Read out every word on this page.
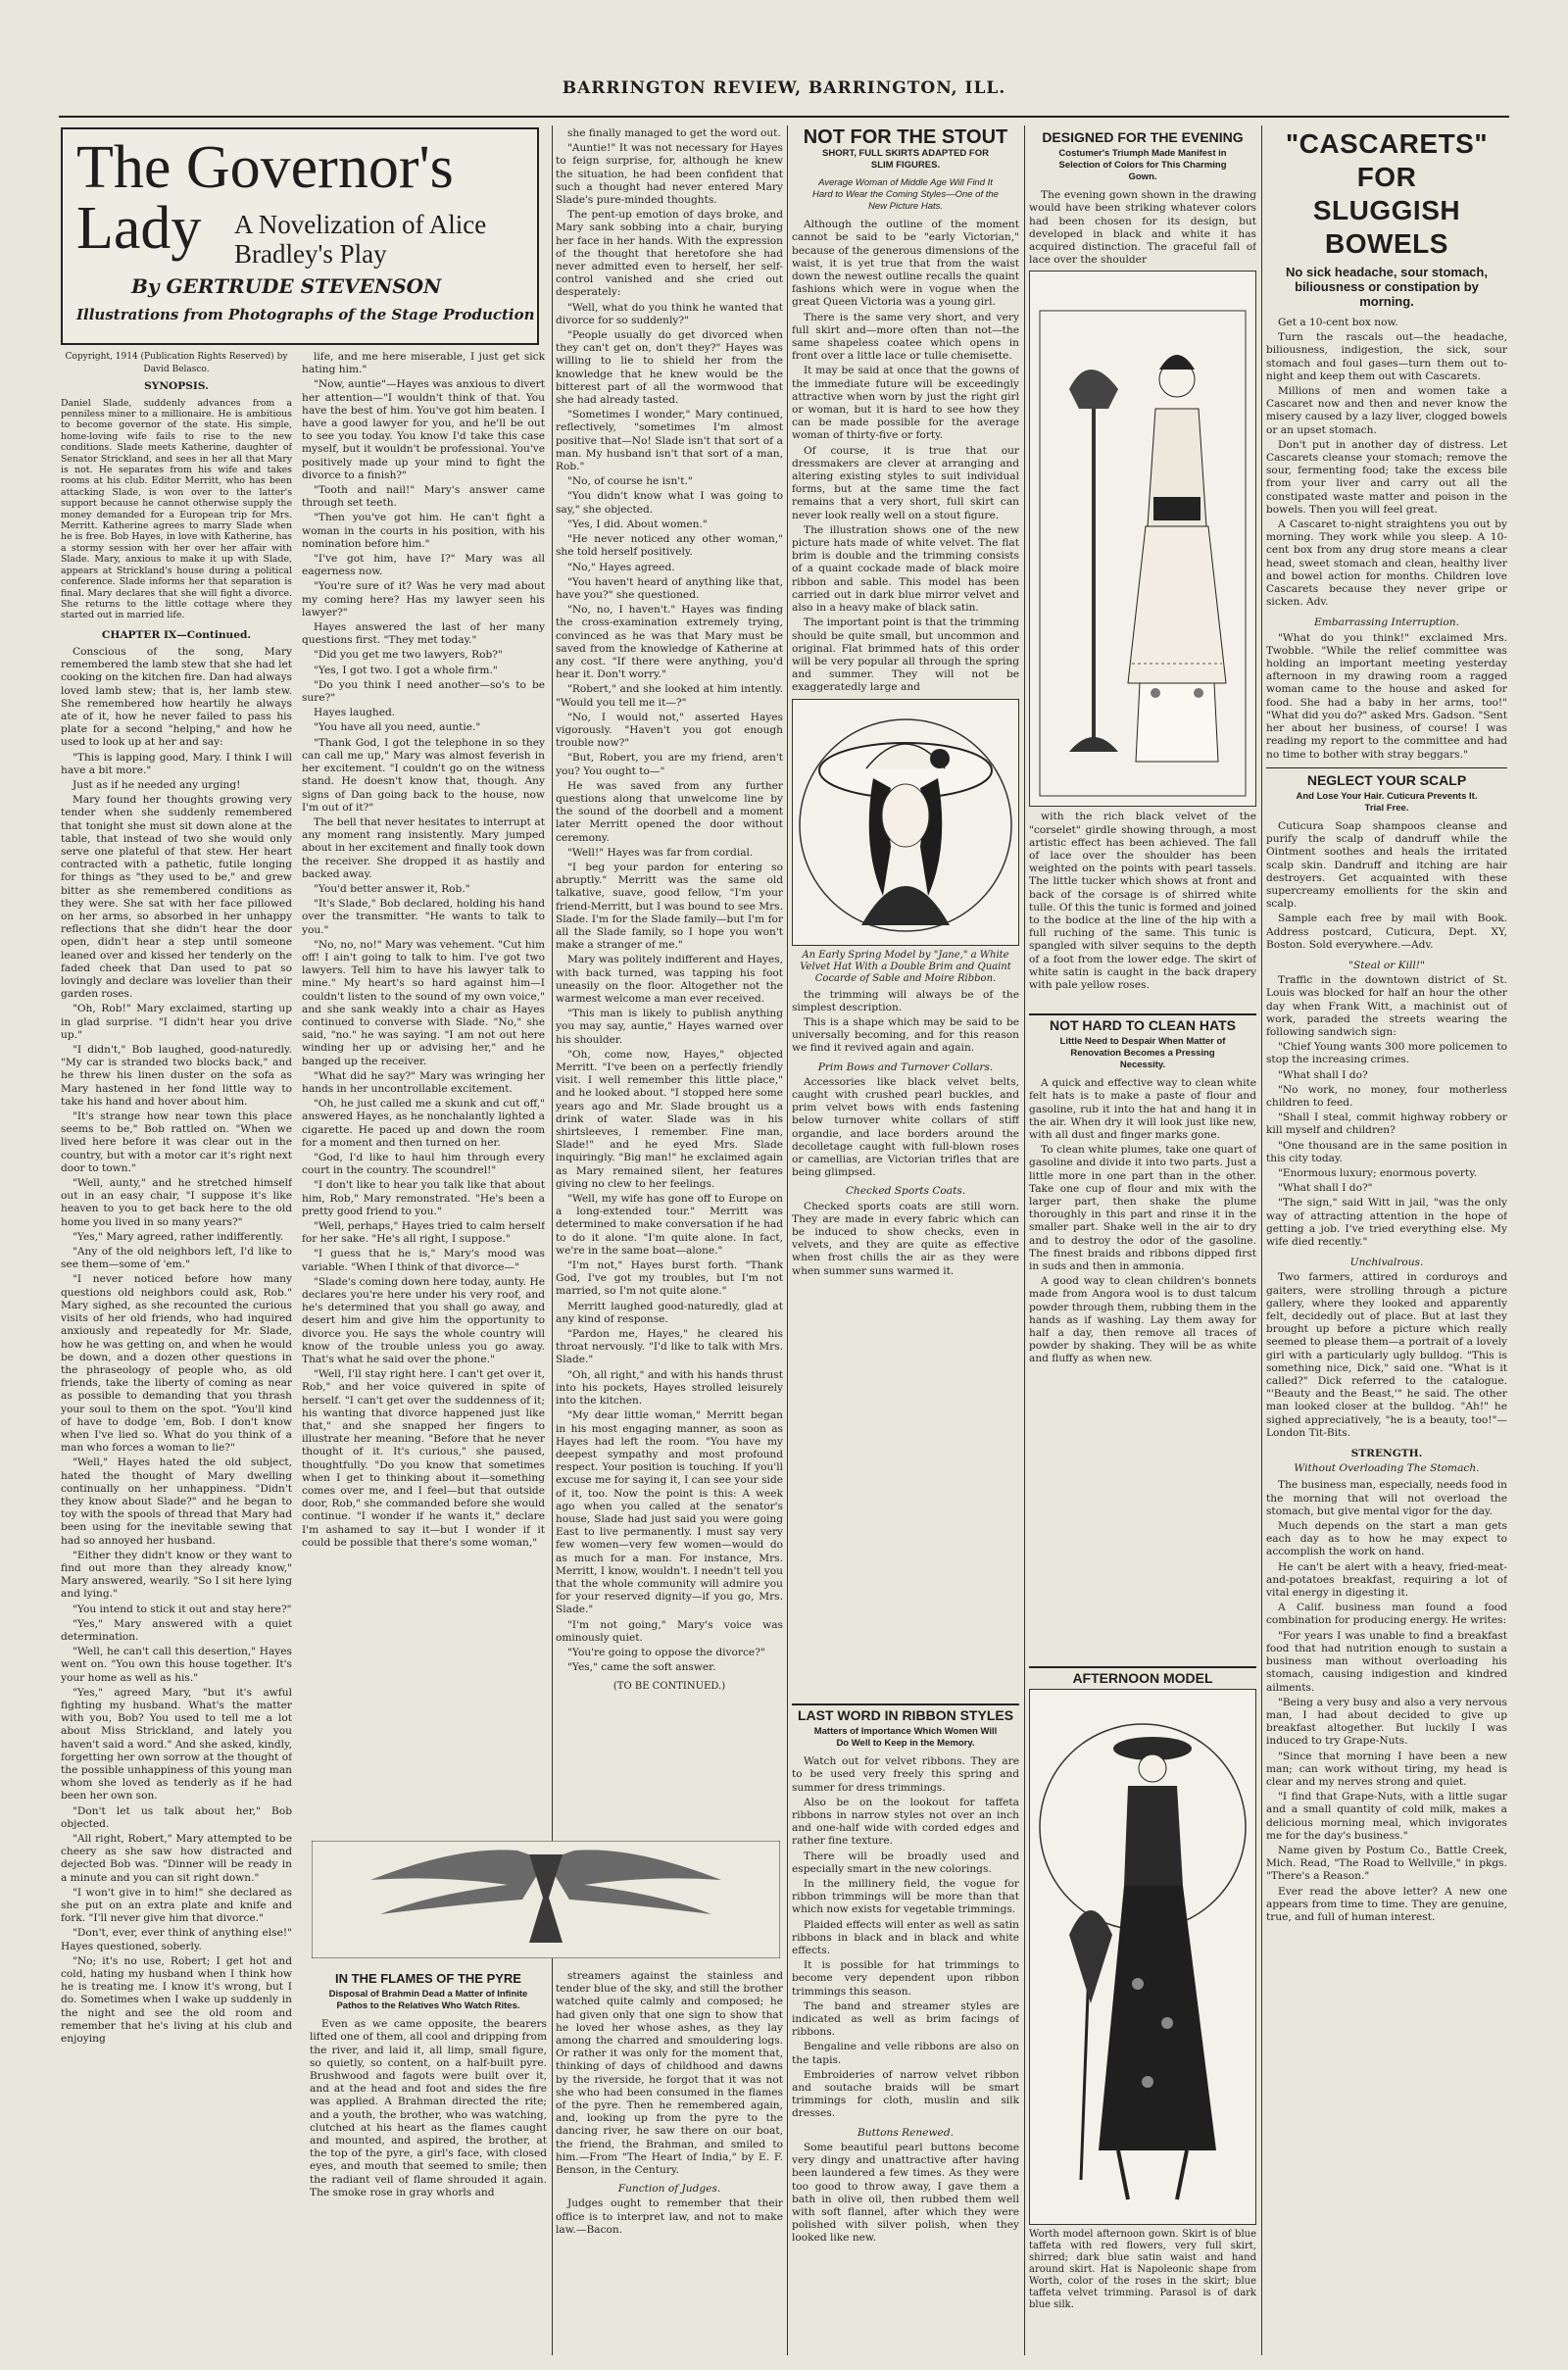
BARRINGTON REVIEW, BARRINGTON, ILL.
The Governor's
Lady A Novelization of Alice Bradley's Play
By GERTRUDE STEVENSON
Illustrations from Photographs of the Stage Production
Copyright, 1914 (Publication Rights Reserved) by David Belasco.
SYNOPSIS.
Daniel Slade, suddenly advances from a penniless miner to a millionaire. He is ambitious to become governor of the state. His simple, home-loving wife fails to rise to the new conditions. Slade meets Katherine, daughter of Senator Strickland, and sees in her all that Mary is not. He separates from his wife and takes rooms at his club. Editor Merritt, who has been attacking Slade, is won over to the latter's support because he cannot otherwise supply the money demanded for a European trip for Mrs. Merritt. Katherine agrees to marry Slade when he is free. Bob Hayes, in love with Katherine, has a stormy session with her over her affair with Slade. Mary, anxious to make it up with Slade, appears at Strickland's house during a political conference. Slade informs her that separation is final. Mary declares that she will fight a divorce. She returns to the little cottage where they started out in married life.
CHAPTER IX—Continued.

Conscious of the song, Mary remembered the lamb stew that she had let cooking on the kitchen fire. Dan had always loved lamb stew; that is, her lamb stew. She remembered how heartily he always ate of it, how he never failed to pass his plate for a second "helping," and how he used to look up at her and say:

"This is lapping good, Mary. I think I will have a bit more."

Just as if he needed any urging!

Mary found her thoughts growing very tender when she suddenly remembered that tonight she must sit down alone at the table, that instead of two she would only serve one plateful of that stew. Her heart contracted with a pathetic, futile longing for things as "they used to be," and grew bitter as she remembered conditions as they were. She sat with her face pillowed on her arms, so absorbed in her unhappy reflections that she didn't hear the door open, didn't hear a step until someone leaned over and kissed her tenderly on the faded cheek that Dan used to pat so lovingly and declare was lovelier than their garden roses.

"Oh, Rob!" Mary exclaimed, starting up in glad surprise. "I didn't hear you drive up."

"I didn't," Bob laughed, good-naturedly. "My car is stranded two blocks back," and he threw his linen duster on the sofa as Mary hastened in her fond little way to take his hand and hover about him.

"It's strange how near town this place seems to be," Bob rattled on. "When we lived here before it was clear out in the country, but with a motor car it's right next door to town."

"Well, aunty," and he stretched himself out in an easy chair, "I suppose it's like heaven to you to get back here to the old home you lived in so many years?"

"Yes," Mary agreed, rather indifferently.

"Any of the old neighbors left, I'd like to see them—some of 'em."

"I never noticed before how many questions old neighbors could ask, Rob." Mary sighed, as she recounted the curious visits of her old friends, who had inquired anxiously and repeatedly for Mr. Slade, how he was getting on, and when he would be down, and a dozen other questions in the phraseology of people who, as old friends, take the liberty of coming as near as possible to demanding that you thrash your soul to them on the spot. "You'll kind of have to dodge 'em, Bob. I don't know when I've lied so. What do you think of a man who forces a woman to lie?"

"Well," Hayes hated the old subject, hated the thought of Mary dwelling continually on her unhappiness. "Didn't they know about Slade?" and he began to toy with the spools of thread that Mary had been using for the inevitable sewing that had so annoyed her husband.

"Either they didn't know or they want to find out more than they already know," Mary answered, wearily. "So I sit here lying and lying."

"You intend to stick it out and stay here?"

"Yes," Mary answered with a quiet determination.

"Well, he can't call this desertion," Hayes went on. "You own this house together. It's your home as well as his."

"Yes," agreed Mary, "but it's awful fighting my husband. What's the matter with you, Bob? You used to tell me a lot about Miss Strickland, and lately you haven't said a word." And she asked, kindly, forgetting her own sorrow at the thought of the possible unhappiness of this young man whom she loved as tenderly as if he had been her own son.

"Don't let us talk about her," Bob objected.

"All right, Robert," Mary attempted to be cheery as she saw how distracted and dejected Bob was. "Dinner will be ready in a minute and you can sit right down."

"I won't give in to him!" she declared as she put on an extra plate and knife and fork. "I'll never give him that divorce."

"Don't, ever, ever think of anything else!" Hayes questioned, soberly.

"No; it's no use, Robert; I get hot and cold, hating my husband when I think how he is treating me. I know it's wrong, but I do. Sometimes when I wake up suddenly in the night and see the old room and remember that he's living at his club and enjoying

life, and me here miserable, I just get sick hating him."

"Now, auntie"—Hayes was anxious to divert her attention—"I wouldn't think of that. You have the best of him. You've got him beaten. I have a good lawyer for you, and he'll be out to see you today. You know I'd take this case myself, but it wouldn't be professional. You've positively made up your mind to fight the divorce to a finish?"

"Tooth and nail!" Mary's answer came through set teeth.

"Then you've got him. He can't fight a woman in the courts in his position, with his nomination before him."

"I've got him, have I?" Mary was all eagerness now.

"You're sure of it? Was he very mad about my coming here? Has my lawyer seen his lawyer?"

Hayes answered the last of her many questions first. "They met today."

"Did you get me two lawyers, Rob?"

"Yes, I got two. I got a whole firm."

"Do you think I need another—so's to be sure?"

Hayes laughed.

"You have all you need, auntie."

"Thank God, I got the telephone in so they can call me up," Mary was almost feverish in her excitement. "I couldn't go on the witness stand. He doesn't know that, though. Any signs of Dan going back to the house, now I'm out of it?"

The bell that never hesitates to interrupt at any moment rang insistently. Mary jumped about in her excitement and finally took down the receiver. She dropped it as hastily and backed away.

"You'd better answer it, Rob."

"It's Slade," Bob declared, holding his hand over the transmitter. "He wants to talk to you."

"No, no, no!" Mary was vehement. "Cut him off! I ain't going to talk to him. I've got two lawyers. Tell him to have his lawyer talk to mine." My heart's so hard against him—I couldn't listen to the sound of my own voice," and she sank weakly into a chair as Hayes continued to converse with Slade. "No," she said, "no." he was saying. "I am not out here winding her up or advising her," and he banged up the receiver.

"What did he say?" Mary was wringing her hands in her uncontrollable excitement.

"Oh, he just called me a skunk and cut off," answered Hayes, as he nonchalantly lighted a cigarette. He paced up and down the room for a moment and then turned on her.

"God, I'd like to haul him through every court in the country. The scoundrel!"

"I don't like to hear you talk like that about him, Rob," Mary remonstrated. "He's been a pretty good friend to you."

"Well, perhaps," Hayes tried to calm herself for her sake. "He's all right, I suppose."

"I guess that he is," Mary's mood was variable. "When I think of that divorce—"

"Slade's coming down here today, aunty. He declares you're here under his very roof, and he's determined that you shall go away, and desert him and give him the opportunity to divorce you. He says the whole country will know of the trouble unless you go away. That's what he said over the phone."

"Well, I'll stay right here. I can't get over it, Rob," and her voice quivered in spite of herself. "I can't get over the suddenness of it; his wanting that divorce happened just like that," and she snapped her fingers to illustrate her meaning. "Before that he never thought of it. It's curious," she paused, thoughtfully. "Do you know that sometimes when I get to thinking about it—something comes over me, and I feel—but that outside door, Rob," she commanded before she would continue. "I wonder if he wants it," declare I'm ashamed to say it—but I wonder if it could be possible that there's some woman,"

she finally managed to get the word out.

"Auntie!" It was not necessary for Hayes to feign surprise, for, although he knew the situation, he had been confident that such a thought had never entered Mary Slade's pure-minded thoughts.

The pent-up emotion of days broke, and Mary sank sobbing into a chair, burying her face in her hands. With the expression of the thought that heretofore she had never admitted even to herself, her self-control vanished and she cried out desperately:

"Well, what do you think he wanted that divorce for so suddenly?"

"People usually do get divorced when they can't get on, don't they?" Hayes was willing to lie to shield her from the knowledge that he knew would be the bitterest part of all the wormwood that she had already tasted.

"Sometimes I wonder," Mary continued, reflectively, "sometimes I'm almost positive that—No! Slade isn't that sort of a man. My husband isn't that sort of a man, Rob."

"No, of course he isn't."

"You didn't know what I was going to say," she objected.

"Yes, I did. About women."

"He never noticed any other woman," she told herself positively.

"No," Hayes agreed.

"You haven't heard of anything like that, have you?" she questioned.

"No, no, I haven't." Hayes was finding the cross-examination extremely trying, convinced as he was that Mary must be saved from the knowledge of Katherine at any cost. "If there were anything, you'd hear it. Don't worry."

"Robert," and she looked at him intently. "Would you tell me it—?"

"No, I would not," asserted Hayes vigorously. "Haven't you got enough trouble now?"

"But, Robert, you are my friend, aren't you? You ought to—"

He was saved from any further questions along that unwelcome line by the sound of the doorbell and a moment later Merritt opened the door without ceremony.

"Well!" Hayes was far from cordial.

"I beg your pardon for entering so abruptly." Merritt was the same old talkative, suave, good fellow, "I'm your friend-Merritt, but I was bound to see Mrs. Slade. I'm for the Slade family—but I'm for all the Slade family, so I hope you won't make a stranger of me."

Mary was politely indifferent and Hayes, with back turned, was tapping his foot uneasily on the floor. Altogether not the warmest welcome a man ever received.

"This man is likely to publish anything you may say, auntie," Hayes warned over his shoulder.

"Oh, come now, Hayes," objected Merritt. "I've been on a perfectly friendly visit. I well remember this little place," and he looked about. "I stopped here some years ago and Mr. Slade brought us a drink of water. Slade was in his shirtsleeves, I remember. Fine man, Slade!" and he eyed Mrs. Slade inquiringly. "Big man!" he exclaimed again as Mary remained silent, her features giving no clew to her feelings.

"Well, my wife has gone off to Europe on a long-extended tour." Merritt was determined to make conversation if he had to do it alone. "I'm quite alone. In fact, we're in the same boat—alone."

"I'm not," Hayes burst forth. "Thank God, I've got my troubles, but I'm not married, so I'm not quite alone."

Merritt laughed good-naturedly, glad at any kind of response.

"Pardon me, Hayes," he cleared his throat nervously. "I'd like to talk with Mrs. Slade."

"Oh, all right," and with his hands thrust into his pockets, Hayes strolled leisurely into the kitchen.

"My dear little woman," Merritt began in his most engaging manner, as soon as Hayes had left the room. "You have my deepest sympathy and most profound respect. Your position is touching. If you'll excuse me for saying it, I can see your side of it, too. Now the point is this: A week ago when you called at the senator's house, Slade had just said you were going East to live permanently. I must say very few women—very few women—would do as much for a man. For instance, Mrs. Merritt, I know, wouldn't. I needn't tell you that the whole community will admire you for your reserved dignity—if you go, Mrs. Slade."

"I'm not going," Mary's voice was ominously quiet.

"You're going to oppose the divorce?"

"Yes," came the soft answer.

(TO BE CONTINUED.)
IN THE FLAMES OF THE PYRE
Disposal of Brahmin Dead a Matter of Infinite Pathos to the Relatives Who Watch Rites.

Even as we came opposite, the bearers lifted one of them, all cool and dripping from the river, and laid it, all limp, small figure, so quietly, so content, on a half-built pyre. Brushwood and fagots were built over it, and at the head and foot and sides the fire was applied. A Brahman directed the rite; and a youth, the brother, who was watching, clutched at his heart as the flames caught and mounted, and aspired, the brother, at the top of the pyre, a girl's face, with closed eyes, and mouth that seemed to smile; then the radiant veil of flame shrouded it again. The smoke rose in gray whorls and

streamers against the stainless and tender blue of the sky, and still the brother watched quite calmly and composed; he had given only that one sign to show that he loved her whose ashes, as they lay among the charred and smouldering logs. Or rather it was only for the moment that, thinking of days of childhood and dawns by the riverside, he forgot that it was not she who had been consumed in the flames of the pyre. Then he remembered again, and, looking up from the pyre to the dancing river, he saw there on our boat, the friend, the Brahman, and smiled to him.—From "The Heart of India," by E. F. Benson, in the Century.

Function of Judges.

Judges ought to remember that their office is to interpret law, and not to make law.—Bacon.

NOT FOR THE STOUT
SHORT, FULL SKIRTS ADAPTED FOR SLIM FIGURES.
Average Woman of Middle Age Will Find It Hard to Wear the Coming Styles—One of the New Picture Hats.

Although the outline of the moment cannot be said to be "early Victorian," because of the generous dimensions of the waist, it is yet true that from the waist down the newest outline recalls the quaint fashions which were in vogue when the great Queen Victoria was a young girl.

There is the same very short, and very full skirt and—more often than not—the same shapeless coatee which opens in front over a little lace or tulle chemisette.

It may be said at once that the gowns of the immediate future will be exceedingly attractive when worn by just the right girl or woman, but it is hard to see how they can be made possible for the average woman of thirty-five or forty.

Of course, it is true that our dressmakers are clever at arranging and altering existing styles to suit individual forms, but at the same time the fact remains that a very short, full skirt can never look really well on a stout figure.

The illustration shows one of the new picture hats made of white velvet. The flat brim is double and the trimming consists of a quaint cockade made of black moire ribbon and sable. This model has been carried out in dark blue mirror velvet and also in a heavy make of black satin.

The important point is that the trimming should be quite small, but uncommon and original. Flat brimmed hats of this order will be very popular all through the spring and summer. They will not be exaggeratedly large and

An Early Spring Model by "Jane," a White Velvet Hat With a Double Brim and Quaint Cocarde of Sable and Moire Ribbon.

the trimming will always be of the simplest description.

This is a shape which may be said to be universally becoming, and for this reason we find it revived again and again.

Prim Bows and Turnover Collars.

Accessories like black velvet belts, caught with crushed pearl buckles, and prim velvet bows with ends fastening below turnover white collars of stiff organdie, and lace borders around the decolletage caught with full-blown roses or camellias, are Victorian trifles that are being glimpsed.

Checked Sports Coats.

Checked sports coats are still worn. They are made in every fabric which can be induced to show checks, even in velvets, and they are quite as effective when frost chills the air as they were when summer suns warmed it.

LAST WORD IN RIBBON STYLES
Matters of Importance Which Women Will Do Well to Keep in the Memory.

Watch out for velvet ribbons. They are to be used very freely this spring and summer for dress trimmings.

Also be on the lookout for taffeta ribbons in narrow styles not over an inch and one-half wide with corded edges and rather fine texture.

There will be broadly used and especially smart in the new colorings.

In the millinery field, the vogue for ribbon trimmings will be more than that which now exists for vegetable trimmings.

Plaided effects will enter as well as satin ribbons in black and in black and white effects.

It is possible for hat trimmings to become very dependent upon ribbon trimmings this season.

The band and streamer styles are indicated as well as brim facings of ribbons.

Bengaline and velle ribbons are also on the tapis.

Embroideries of narrow velvet ribbon and soutache braids will be smart trimmings for cloth, muslin and silk dresses.

Buttons Renewed.

Some beautiful pearl buttons become very dingy and unattractive after having been laundered a few times. As they were too good to throw away, I gave them a bath in olive oil, then rubbed them well with soft flannel, after which they were polished with silver polish, when they looked like new.

DESIGNED FOR THE EVENING
Costumer's Triumph Made Manifest in Selection of Colors for This Charming Gown.

The evening gown shown in the drawing would have been striking whatever colors had been chosen for its design, but developed in black and white it has acquired distinction. The graceful fall of lace over the shoulder

with the rich black velvet of the "corselet" girdle showing through, a most artistic effect has been achieved. The fall of lace over the shoulder has been weighted on the points with pearl tassels. The little tucker which shows at front and back of the corsage is of shirred white tulle. Of this the tunic is formed and joined to the bodice at the line of the hip with a full ruching of the same. This tunic is spangled with silver sequins to the depth of a foot from the lower edge. The skirt of white satin is caught in the back drapery with pale yellow roses.

NOT HARD TO CLEAN HATS
Little Need to Despair When Matter of Renovation Becomes a Pressing Necessity.

A quick and effective way to clean white felt hats is to make a paste of flour and gasoline, rub it into the hat and hang it in the air. When dry it will look just like new, with all dust and finger marks gone.

To clean white plumes, take one quart of gasoline and divide it into two parts. Just a little more in one part than in the other. Take one cup of flour and mix with the larger part, then shake the plume thoroughly in this part and rinse it in the smaller part. Shake well in the air to dry and to destroy the odor of the gasoline. The finest braids and ribbons dipped first in suds and then in ammonia.

A good way to clean children's bonnets made from Angora wool is to dust talcum powder through them, rubbing them in the hands as if washing. Lay them away for half a day, then remove all traces of powder by shaking. They will be as white and fluffy as when new.

AFTERNOON MODEL
Worth model afternoon gown. Skirt is of blue taffeta with red flowers, very full skirt, shirred; dark blue satin waist and hand around skirt. Hat is Napoleonic shape from Worth, color of the roses in the skirt; blue taffeta velvet trimming. Parasol is of dark blue silk.
"CASCARETS" FOR
SLUGGISH BOWELS
No sick headache, sour stomach, biliousness or constipation by morning.

Get a 10-cent box now.

Turn the rascals out—the headache, biliousness, indigestion, the sick, sour stomach and foul gases—turn them out to-night and keep them out with Cascarets.

Millions of men and women take a Cascaret now and then and never know the misery caused by a lazy liver, clogged bowels or an upset stomach.

Don't put in another day of distress. Let Cascarets cleanse your stomach; remove the sour, fermenting food; take the excess bile from your liver and carry out all the constipated waste matter and poison in the bowels. Then you will feel great.

A Cascaret to-night straightens you out by morning. They work while you sleep. A 10-cent box from any drug store means a clear head, sweet stomach and clean, healthy liver and bowel action for months. Children love Cascarets because they never gripe or sicken. Adv.

Embarrassing Interruption.

"What do you think!" exclaimed Mrs. Twobble. "While the relief committee was holding an important meeting yesterday afternoon in my drawing room a ragged woman came to the house and asked for food. She had a baby in her arms, too!" "What did you do?" asked Mrs. Gadson. "Sent her about her business, of course! I was reading my report to the committee and had no time to bother with stray beggars."

NEGLECT YOUR SCALP
And Lose Your Hair. Cuticura Prevents It. Trial Free.

Cuticura Soap shampoos cleanse and purify the scalp of dandruff while the Ointment soothes and heals the irritated scalp skin. Dandruff and itching are hair destroyers. Get acquainted with these supercreamy emollients for the skin and scalp.

Sample each free by mail with Book. Address postcard, Cuticura, Dept. XY, Boston. Sold everywhere.—Adv.

"Steal or Kill!"

Traffic in the downtown district of St. Louis was blocked for half an hour the other day when Frank Witt, a machinist out of work, paraded the streets wearing the following sandwich sign:

"Chief Young wants 300 more policemen to stop the increasing crimes.

"What shall I do?

"No work, no money, four motherless children to feed.

"Shall I steal, commit highway robbery or kill myself and children?

"One thousand are in the same position in this city today.

"Enormous luxury; enormous poverty.

"What shall I do?"

"The sign," said Witt in jail, "was the only way of attracting attention in the hope of getting a job. I've tried everything else. My wife died recently."

Unchivalrous.

Two farmers, attired in corduroys and gaiters, were strolling through a picture gallery, where they looked and apparently felt, decidedly out of place. But at last they brought up before a picture which really seemed to please them—a portrait of a lovely girl with a particularly ugly bulldog. "This is something nice, Dick," said one. "What is it called?" Dick referred to the catalogue. "'Beauty and the Beast,'" he said. The other man looked closer at the bulldog. "Ah!" he sighed appreciatively, "he is a beauty, too!"—London Tit-Bits.

STRENGTH.
Without Overloading The Stomach.

The business man, especially, needs food in the morning that will not overload the stomach, but give mental vigor for the day.

Much depends on the start a man gets each day as to how he may expect to accomplish the work on hand.

He can't be alert with a heavy, fried-meat-and-potatoes breakfast, requiring a lot of vital energy in digesting it.

A Calif. business man found a food combination for producing energy. He writes:

"For years I was unable to find a breakfast food that had nutrition enough to sustain a business man without overloading his stomach, causing indigestion and kindred ailments.

"Being a very busy and also a very nervous man, I had about decided to give up breakfast altogether. But luckily I was induced to try Grape-Nuts.

"Since that morning I have been a new man; can work without tiring, my head is clear and my nerves strong and quiet.

"I find that Grape-Nuts, with a little sugar and a small quantity of cold milk, makes a delicious morning meal, which invigorates me for the day's business."

Name given by Postum Co., Battle Creek, Mich. Read, "The Road to Wellville," in pkgs. "There's a Reason."

Ever read the above letter? A new one appears from time to time. They are genuine, true, and full of human interest.
